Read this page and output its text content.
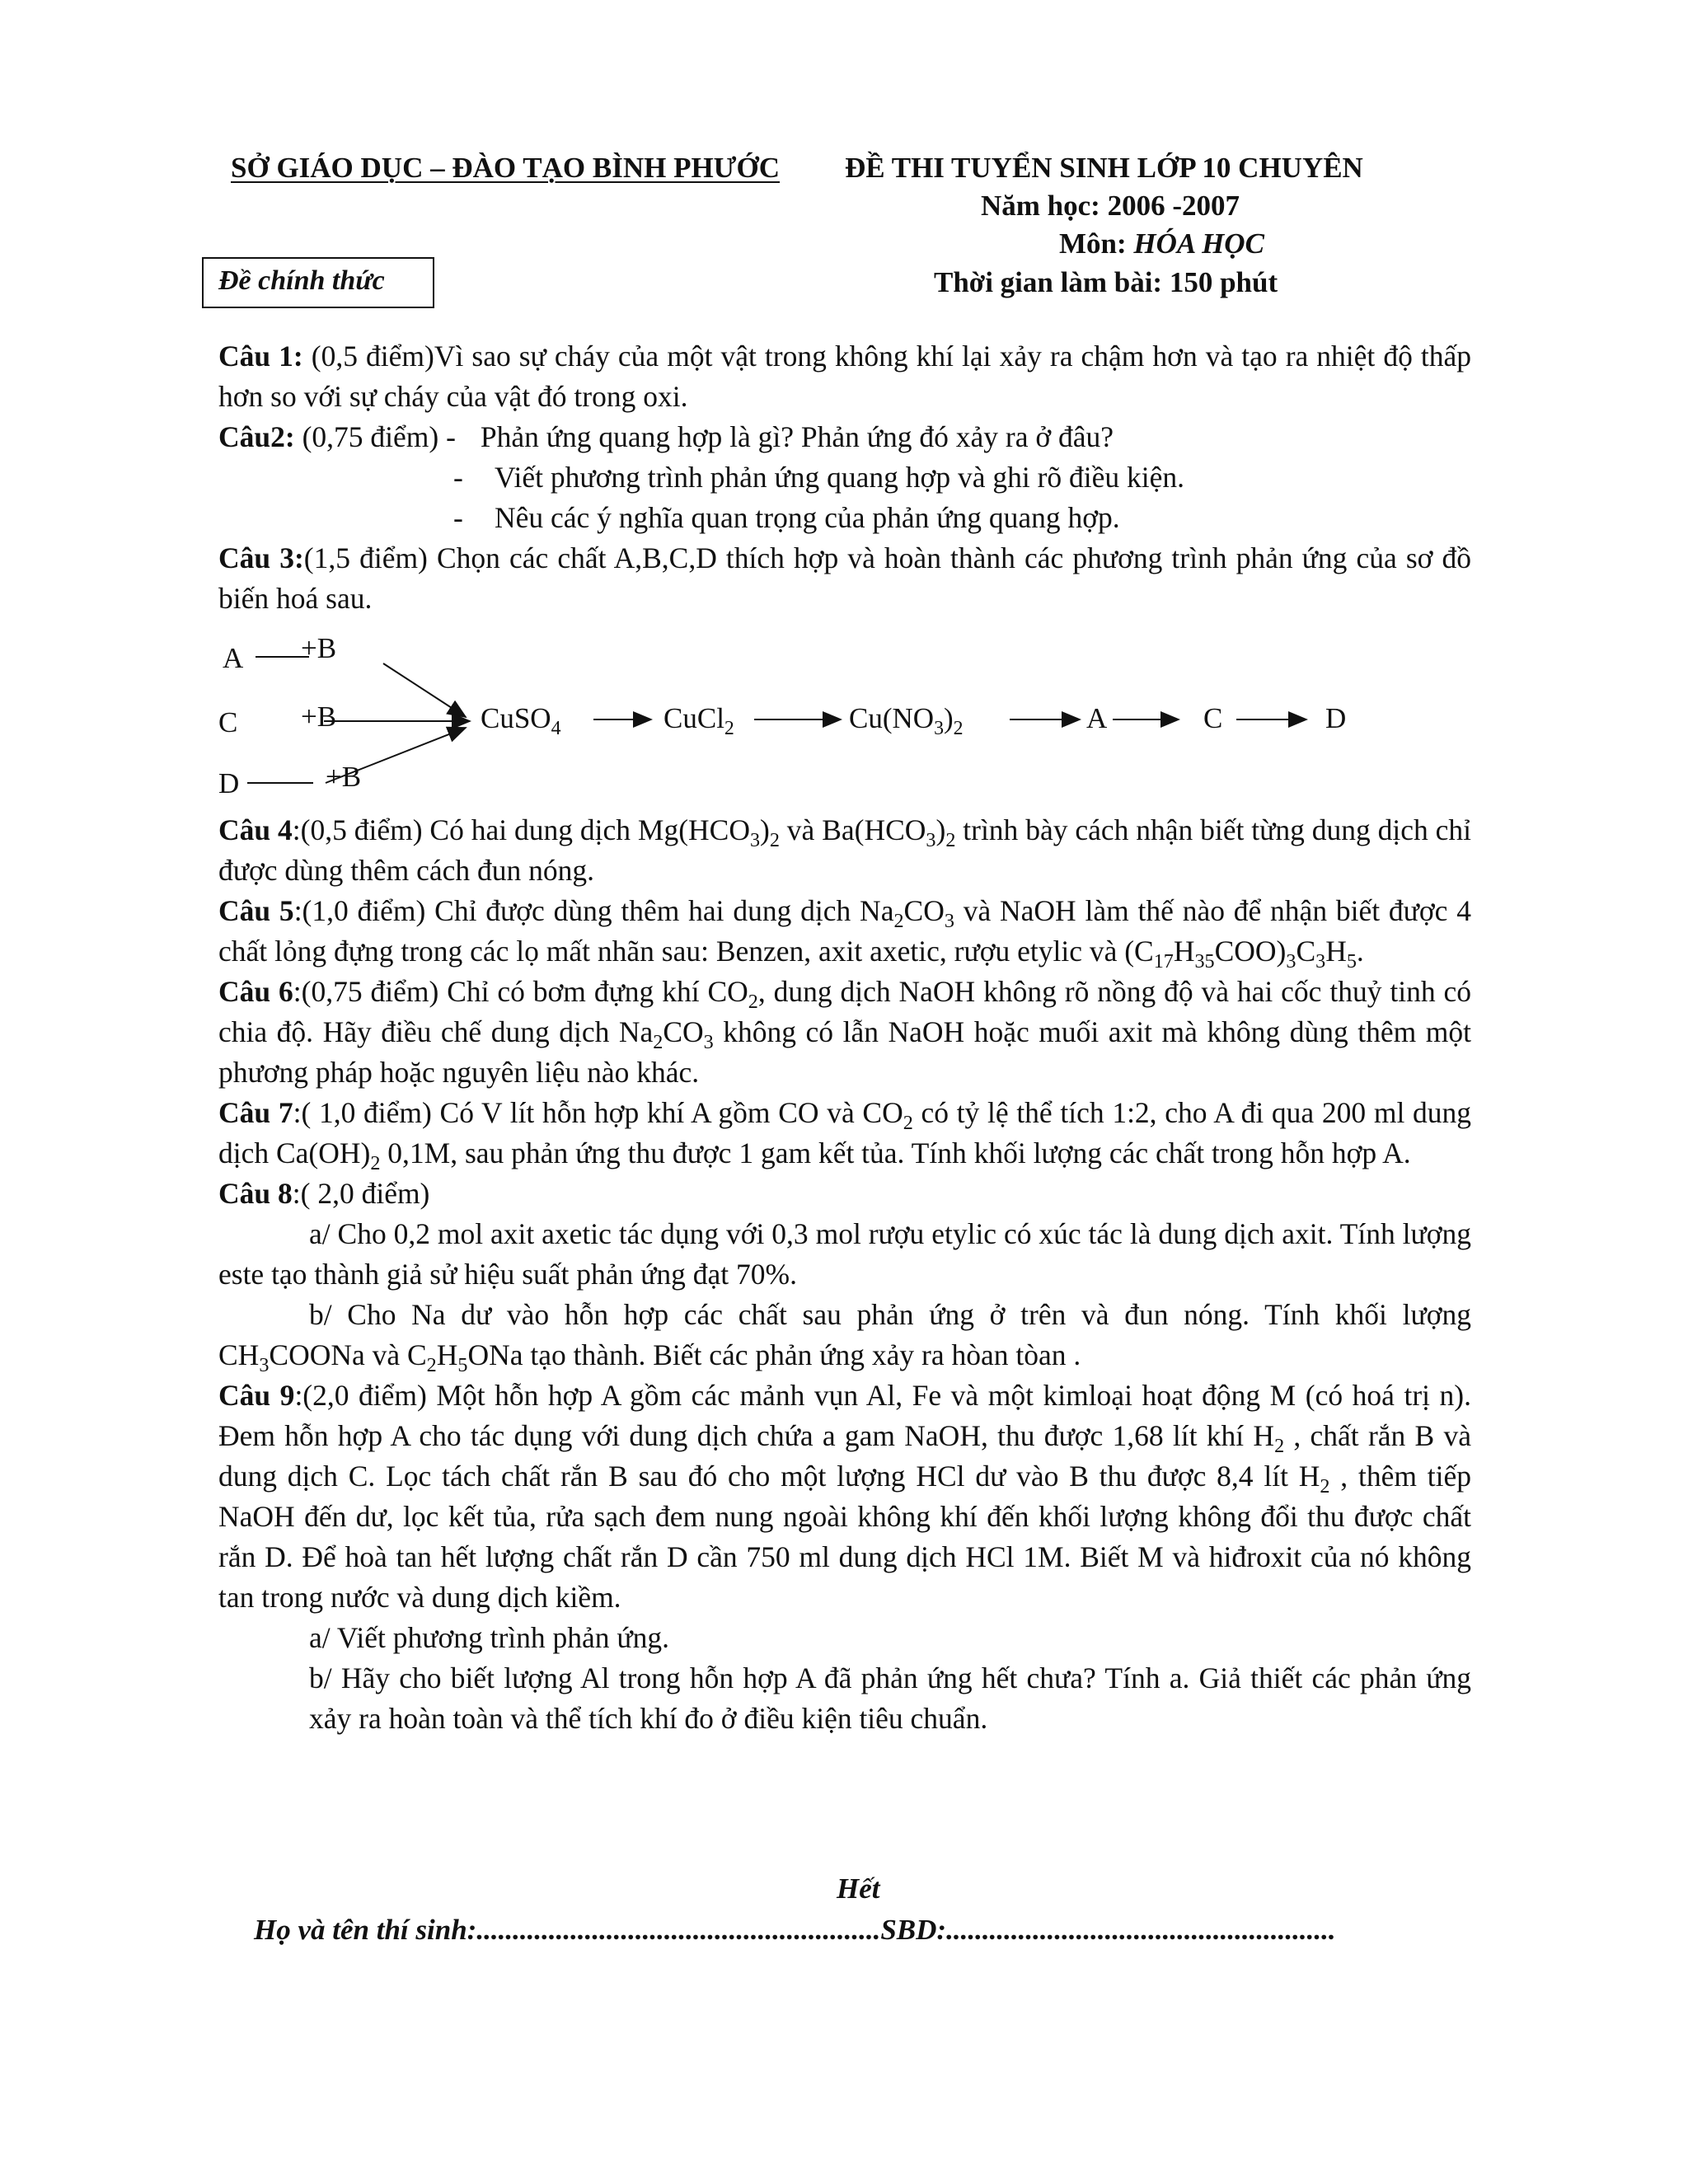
SỞ GIÁO DỤC – ĐÀO TẠO BÌNH PHƯỚC ĐỀ THI TUYỂN SINH LỚP 10 CHUYÊN
Năm học: 2006 -2007
Môn: HÓA HỌC
Đề chính thức	Thời gian làm bài: 150 phút

Câu 1: (0,5 điểm)Vì sao sự cháy của một vật trong không khí lại xảy ra chậm hơn và tạo ra nhiệt độ thấp hơn so với sự cháy của vật đó trong oxi.

Câu2: (0,75 điểm) - Phản ứng quang hợp là gì? Phản ứng đó xảy ra ở đâu?

- Viết phương trình phản ứng quang hợp và ghi rõ điều kiện.

- Nêu các ý nghĩa quan trọng của phản ứng quang hợp.

Câu 3:(1,5 điểm) Chọn các chất A,B,C,D thích hợp và hoàn thành các phương trình phản ứng của sơ đồ biến hoá sau.

+B
+B
+B
A
C
D
CuSO$_4$	CuCl$_2$	$Cu(NO_3)_2$	A	C	D

Câu 4:(0,5 điểm) Có hai dung dịch $Mg(HCO_3)_2$ và $Ba(HCO_3)_2$ trình bày cách nhận biết từng dung dịch chỉ được dùng thêm cách đun nóng.

Câu 5:(1,0 điểm) Chỉ được dùng thêm hai dung dịch $Na_2CO_3$ và NaOH làm thế nào để nhận biết được 4 chất lỏng đựng trong các lọ mất nhãn sau: Benzen, axit axetic, rượu etylic và $(C_{17}H_{35}COO)_3C_3H_5$.

Câu 6:(0,75 điểm) Chỉ có bơm đựng khí $CO_2$, dung dịch NaOH không rõ nồng độ và hai cốc thuỷ tinh có chia độ. Hãy điều chế dung dịch $Na_2CO_3$ không có lẫn NaOH hoặc muối axit mà không dùng thêm một phương pháp hoặc nguyên liệu nào khác.

Câu 7:( 1,0 điểm) Có V lít hỗn hợp khí A gồm CO và $CO_2$ có tỷ lệ thể tích 1:2, cho A đi qua 200 ml dung dịch $Ca(OH)_2$ 0,1M, sau phản ứng thu được 1 gam kết tủa. Tính khối lượng các chất trong hỗn hợp A.

Câu 8:( 2,0 điểm)

a/ Cho 0,2 mol axit axetic tác dụng với 0,3 mol rượu etylic có xúc tác là dung dịch axit. Tính lượng este tạo thành giả sử hiệu suất phản ứng đạt 70%.

b/ Cho Na dư vào hỗn hợp các chất sau phản ứng ở trên và đun nóng. Tính khối lượng $CH_3COONa$ và $C_2H_5ONa$ tạo thành. Biết các phản ứng xảy ra hòan tòan .

Câu 9:(2,0 điểm) Một hỗn hợp A gồm các mảnh vụn Al, Fe và một kimloại hoạt động M (có hoá trị n). Đem hỗn hợp A cho tác dụng với dung dịch chứa a gam NaOH, thu được 1,68 lít khí $H_2$ , chất rắn B và dung dịch C. Lọc tách chất rắn B sau đó cho một lượng HCl dư vào B thu được 8,4 lít $H_2$ , thêm tiếp NaOH đến dư, lọc kết tủa, rửa sạch đem nung ngoài không khí đến khối lượng không đổi thu được chất rắn D. Để hoà tan hết lượng chất rắn D cần 750 ml dung dịch HCl 1M. Biết M và hiđroxit của nó không tan trong nước và dung dịch kiềm.

a/ Viết phương trình phản ứng.

b/ Hãy cho biết lượng Al trong hỗn hợp A đã phản ứng hết chưa? Tính a. Giả thiết các phản ứng xảy ra hoàn toàn và thể tích khí đo ở điều kiện tiêu chuẩn.

Hết
Họ và tên thí sinh:........................................................SBD:......................................................
